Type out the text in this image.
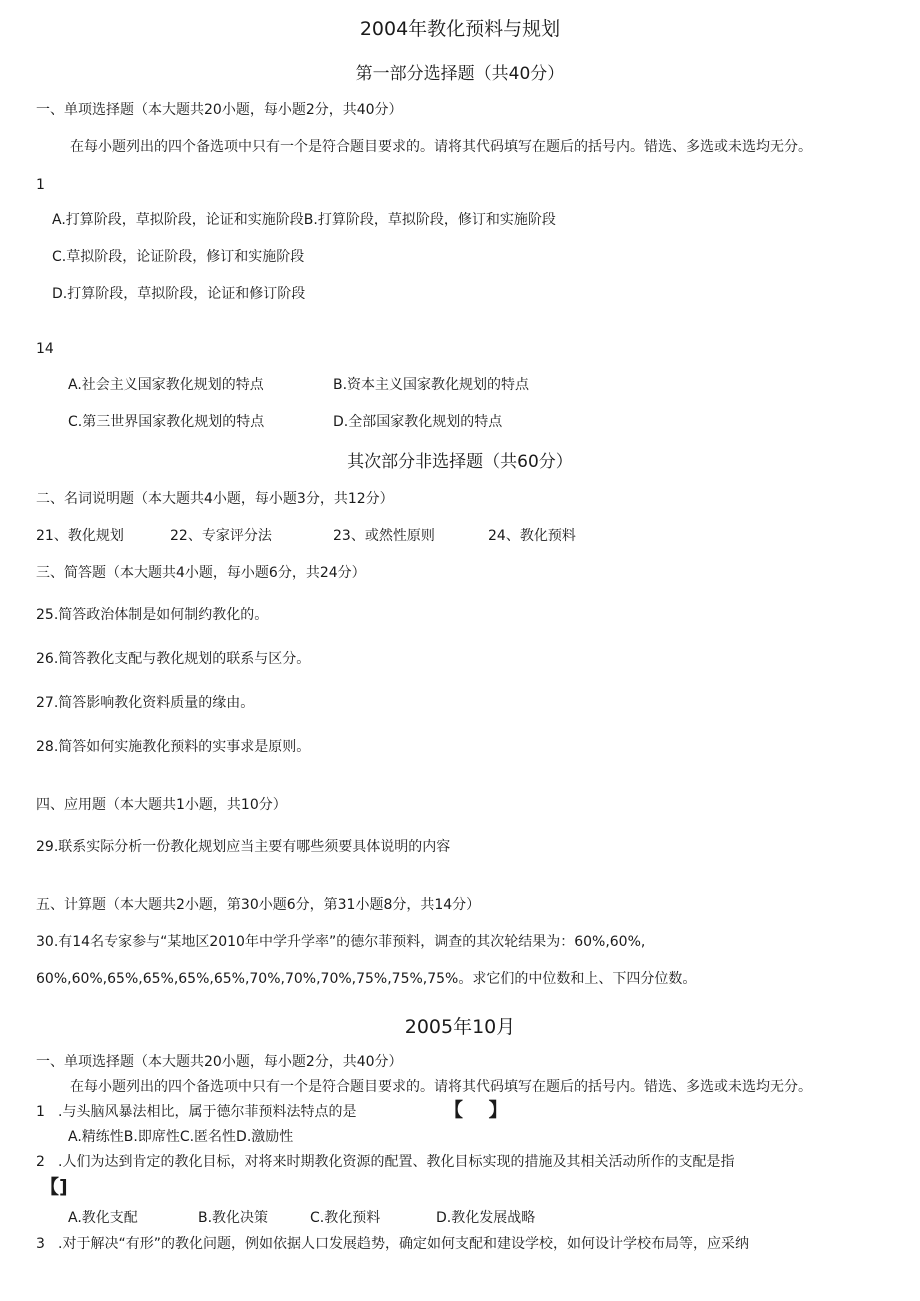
2004年教化预料与规划
第一部分选择题（共40分）
一、单项选择题（本大题共20小题，每小题2分，共40分）
在每小题列出的四个备选项中只有一个是符合题目要求的。请将其代码填写在题后的括号内。错选、多选或未选均无分。
1
A.打算阶段，草拟阶段，论证和实施阶段B.打算阶段，草拟阶段，修订和实施阶段
C.草拟阶段，论证阶段，修订和实施阶段
D.打算阶段，草拟阶段，论证和修订阶段
14
A.社会主义国家教化规划的特点	B.资本主义国家教化规划的特点
C.第三世界国家教化规划的特点	D.全部国家教化规划的特点
其次部分非选择题（共60分）
二、名词说明题（本大题共4小题，每小题3分，共12分）
21、教化规划	22、专家评分法	23、或然性原则	24、教化预料
三、简答题（本大题共4小题，每小题6分，共24分）
25.简答政治体制是如何制约教化的。
26.简答教化支配与教化规划的联系与区分。
27.简答影响教化资料质量的缘由。
28.简答如何实施教化预料的实事求是原则。
四、应用题（本大题共1小题，共10分）
29.联系实际分析一份教化规划应当主要有哪些须要具体说明的内容
五、计算题（本大题共2小题，第30小题6分，第31小题8分，共14分）
30.有14名专家参与“某地区2010年中学升学率”的德尔菲预料，调查的其次轮结果为：60%,60%,
60%,60%,65%,65%,65%,65%,70%,70%,70%,75%,75%,75%。求它们的中位数和上、下四分位数。
2005年10月
一、单项选择题（本大题共20小题，每小题2分，共40分）
在每小题列出的四个备选项中只有一个是符合题目要求的。请将其代码填写在题后的括号内。错选、多选或未选均无分。
1 .与头脑风暴法相比，属于德尔菲预料法特点的是	【　 】
A.精练性B.即席性C.匿名性D.激励性
2 .人们为达到肯定的教化目标，对将来时期教化资源的配置、教化目标实现的措施及其相关活动所作的支配是指
【]
A.教化支配	B.教化决策	C.教化预料	D.教化发展战略
3 .对于解决“有形”的教化问题，例如依据人口发展趋势，确定如何支配和建设学校，如何设计学校布局等，应采纳
